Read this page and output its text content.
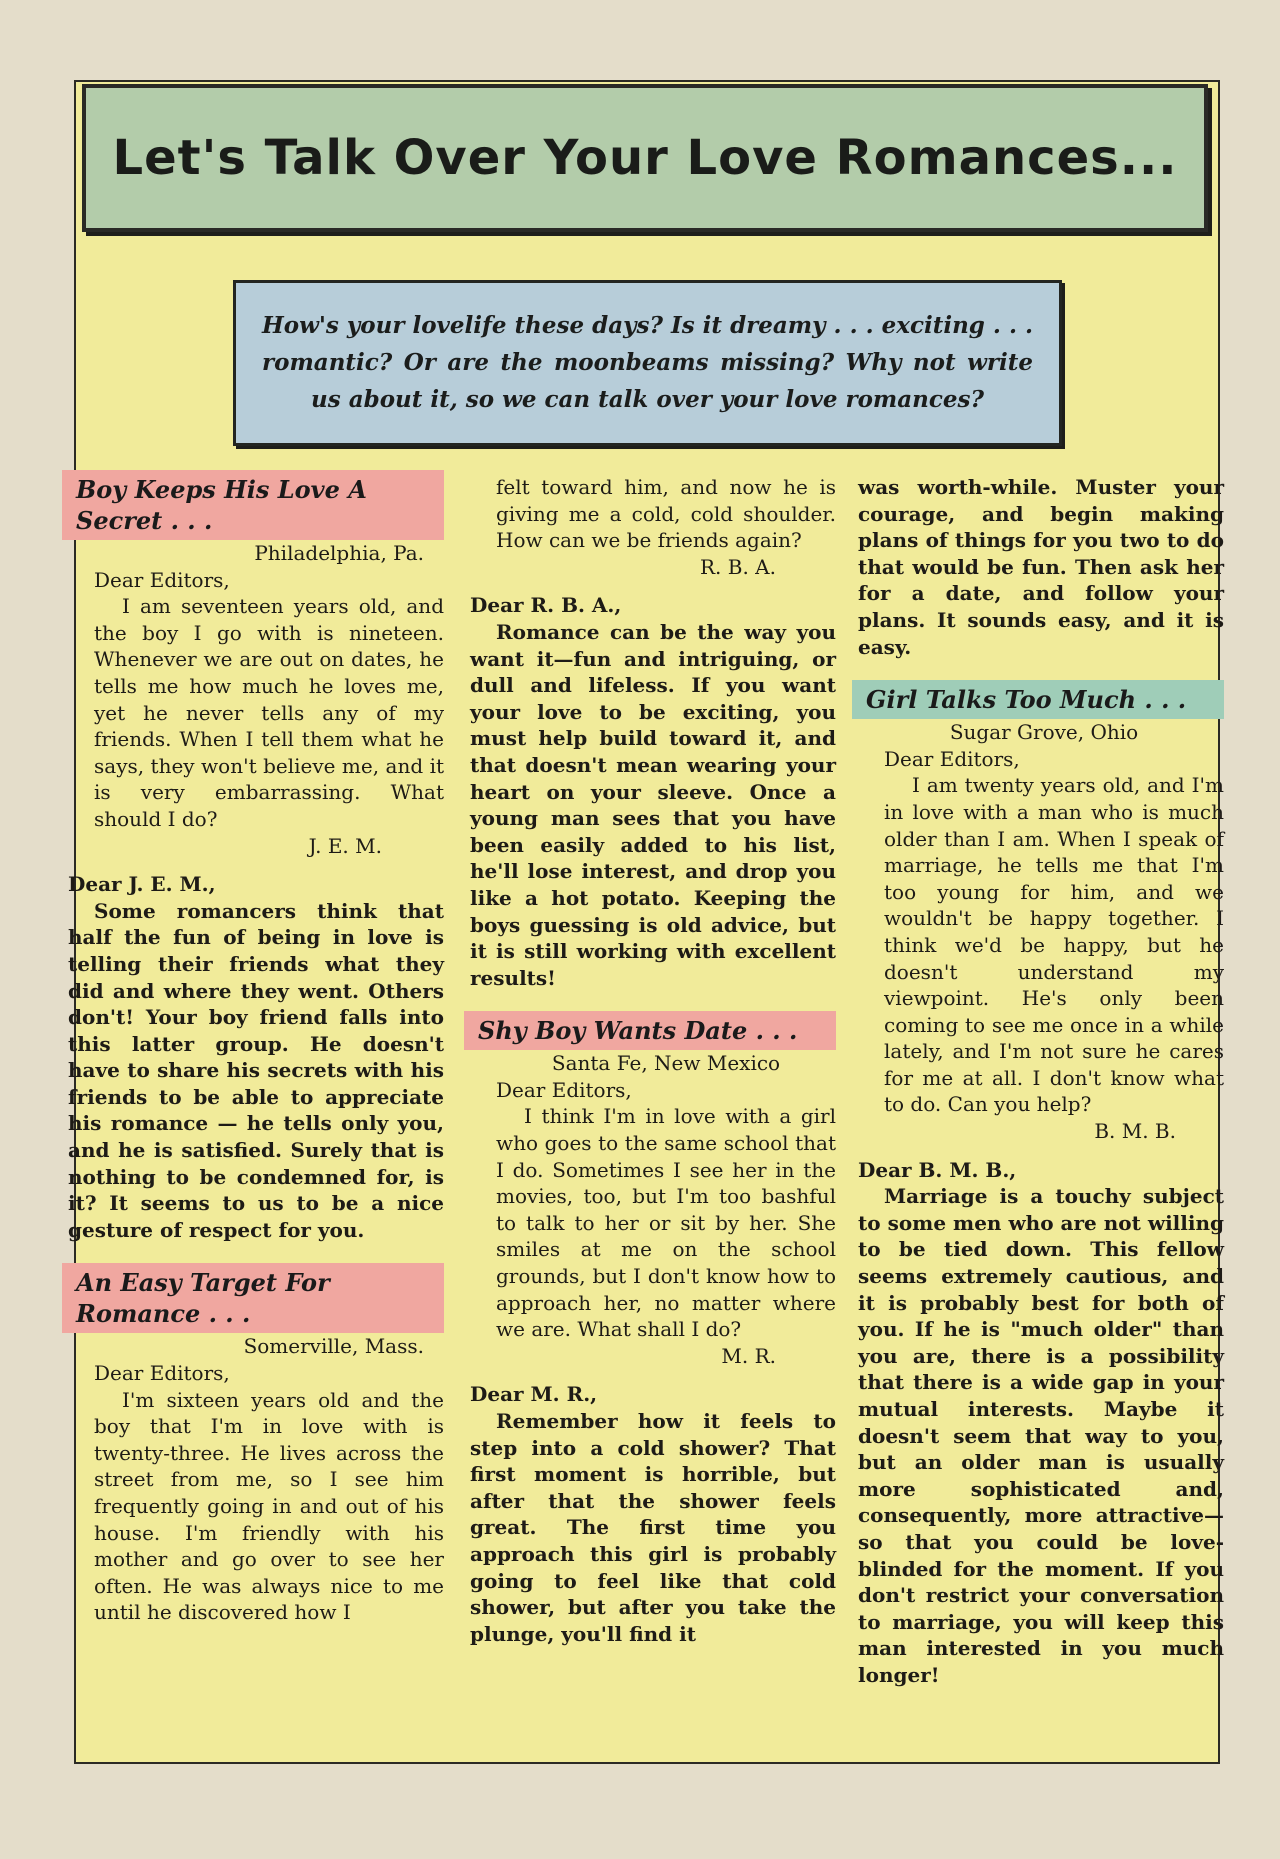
Let's Talk Over Your Love Romances...
How's your lovelife these days? Is it dreamy . . . exciting . . . romantic? Or are the moonbeams missing? Why not write us about it, so we can talk over your love romances?
Boy Keeps His Love A Secret . . .
Philadelphia, Pa.
Dear Editors,
I am seventeen years old, and the boy I go with is nineteen. Whenever we are out on dates, he tells me how much he loves me, yet he never tells any of my friends. When I tell them what he says, they won't believe me, and it is very embarrassing. What should I do?
J. E. M.
Dear J. E. M.,
Some romancers think that half the fun of being in love is telling their friends what they did and where they went. Others don't! Your boy friend falls into this latter group. He doesn't have to share his secrets with his friends to be able to appreciate his romance — he tells only you, and he is satisfied. Surely that is nothing to be condemned for, is it? It seems to us to be a nice gesture of respect for you.
An Easy Target For Romance . . .
Somerville, Mass.
Dear Editors,
I'm sixteen years old and the boy that I'm in love with is twenty-three. He lives across the street from me, so I see him frequently going in and out of his house. I'm friendly with his mother and go over to see her often. He was always nice to me until he discovered how I
felt toward him, and now he is giving me a cold, cold shoulder. How can we be friends again?
R. B. A.
Dear R. B. A.,
Romance can be the way you want it—fun and intriguing, or dull and lifeless. If you want your love to be exciting, you must help build toward it, and that doesn't mean wearing your heart on your sleeve. Once a young man sees that you have been easily added to his list, he'll lose interest, and drop you like a hot potato. Keeping the boys guessing is old advice, but it is still working with excellent results!
Shy Boy Wants Date . . .
Santa Fe, New Mexico
Dear Editors,
I think I'm in love with a girl who goes to the same school that I do. Sometimes I see her in the movies, too, but I'm too bashful to talk to her or sit by her. She smiles at me on the school grounds, but I don't know how to approach her, no matter where we are. What shall I do?
M. R.
Dear M. R.,
Remember how it feels to step into a cold shower? That first moment is horrible, but after that the shower feels great. The first time you approach this girl is probably going to feel like that cold shower, but after you take the plunge, you'll find it
was worth-while. Muster your courage, and begin making plans of things for you two to do that would be fun. Then ask her for a date, and follow your plans. It sounds easy, and it is easy.
Girl Talks Too Much . . .
Sugar Grove, Ohio
Dear Editors,
I am twenty years old, and I'm in love with a man who is much older than I am. When I speak of marriage, he tells me that I'm too young for him, and we wouldn't be happy together. I think we'd be happy, but he doesn't understand my viewpoint. He's only been coming to see me once in a while lately, and I'm not sure he cares for me at all. I don't know what to do. Can you help?
B. M. B.
Dear B. M. B.,
Marriage is a touchy subject to some men who are not willing to be tied down. This fellow seems extremely cautious, and it is probably best for both of you. If he is "much older" than you are, there is a possibility that there is a wide gap in your mutual interests. Maybe it doesn't seem that way to you, but an older man is usually more sophisticated and, consequently, more attractive—so that you could be love-blinded for the moment. If you don't restrict your conversation to marriage, you will keep this man interested in you much longer!
